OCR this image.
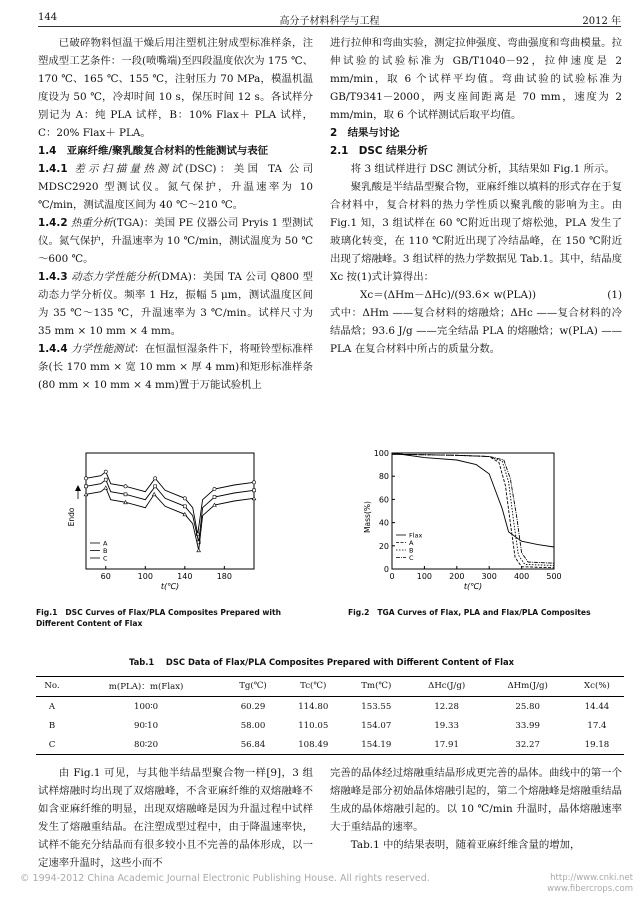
144	高分子材料科学与工程	2012 年

已破碎物料恒温干燥后用注塑机注射成型标准样条，注塑成型工艺条件：一段(喷嘴端)至四段温度依次为 175 ℃、170 ℃、165 ℃、155 ℃，注射压力 70 MPa，模温机温度设为 50 ℃，冷却时间 10 s，保压时间 12 s。各试样分别记为 A：纯 PLA 试样，B：10% Flax＋ PLA 试样，C：20% Flax＋ PLA。

1.4　亚麻纤维/聚乳酸复合材料的性能测试与表征

1.4.1 差示扫描量热测试(DSC)：美国 TA 公司 MDSC2920 型测试仪。氮气保护，升温速率为 10 ℃/min，测试温度区间为 40 ℃～210 ℃。

1.4.2 热重分析(TGA)：美国 PE 仪器公司 Pryis 1 型测试仪。氮气保护，升温速率为 10 ℃/min，测试温度为 50 ℃～600 ℃。

1.4.3 动态力学性能分析(DMA)：美国 TA 公司 Q800 型动态力学分析仪。频率 1 Hz，振幅 5 μm，测试温度区间为 35 ℃～135 ℃，升温速率为 3 ℃/min。试样尺寸为 35 mm × 10 mm × 4 mm。

1.4.4 力学性能测试：在恒温恒湿条件下，将哑铃型标准样条(长 170 mm × 宽 10 mm × 厚 4 mm)和矩形标准样条(80 mm × 10 mm × 4 mm)置于万能试验机上

进行拉伸和弯曲实验，测定拉伸强度、弯曲强度和弯曲模量。拉伸试验的试验标准为 GB/T1040－92，拉伸速度是 2 mm/min，取 6 个试样平均值。弯曲试验的试验标准为 GB/T9341－2000，两支座间距离是 70 mm，速度为 2 mm/min，取 6 个试样测试后取平均值。

2　结果与讨论

2.1　DSC 结果分析

将 3 组试样进行 DSC 测试分析，其结果如 Fig.1 所示。

聚乳酸是半结晶型聚合物，亚麻纤维以填料的形式存在于复合材料中，复合材料的热力学性质以聚乳酸的影响为主。由 Fig.1 知，3 组试样在 60 ℃附近出现了熔松弛，PLA 发生了玻璃化转变，在 110 ℃附近出现了冷结晶峰，在 150 ℃附近出现了熔融峰。3 组试样的热力学数据见 Tab.1。其中，结晶度 Xc 按(1)式计算得出：

Xc＝(ΔHm－ΔHc)/(93.6× w(PLA))	(1)

式中：ΔHm ——复合材料的熔融焓；ΔHc ——复合材料的冷结晶焓；93.6 J/g ——完全结晶 PLA 的熔融焓；w(PLA) ——PLA 在复合材料中所占的质量分数。

60	100	140	180
t(℃)
Endo
A
B
C
Fig.1 DSC Curves of Flax/PLA Composites Prepared with Different Content of Flax
0	100 200 300 400 500
0
20
40
60
80
100
t(℃)
Mass(%)
Flax
A
B
C
Fig.2 TGA Curves of Flax, PLA and Flax/PLA Composites
Tab.1 DSC Data of Flax/PLA Composites Prepared with Different Content of Flax
No.	m(PLA)：m(Flax)	Tg(℃)	Tc(℃)	Tm(℃)	ΔHc(J/g)	ΔHm(J/g)	Xc(%)
A	100∶0	60.29	114.80	153.55	12.28	25.80	14.44
B	90∶10	58.00	110.05	154.07	19.33	33.99	17.4
C	80∶20	56.84	108.49	154.19	17.91	32.27	19.18

由 Fig.1 可见，与其他半结晶型聚合物一样[9]，3 组试样熔融时均出现了双熔融峰，不含亚麻纤维的双熔融峰不如含亚麻纤维的明显，出现双熔融峰是因为升温过程中试样发生了熔融重结晶。在注塑成型过程中，由于降温速率快，试样不能充分结晶而有很多较小且不完善的晶体形成，以一定速率升温时，这些小而不

完善的晶体经过熔融重结晶形成更完善的晶体。曲线中的第一个熔融峰是部分初始晶体熔融引起的，第二个熔融峰是熔融重结晶生成的晶体熔融引起的。以 10 ℃/min 升温时，晶体熔融速率大于重结晶的速率。

Tab.1 中的结果表明，随着亚麻纤维含量的增加，

© 1994-2012 China Academic Journal Electronic Publishing House. All rights reserved.	http://www.cnki.net
www.fibercrops.com
